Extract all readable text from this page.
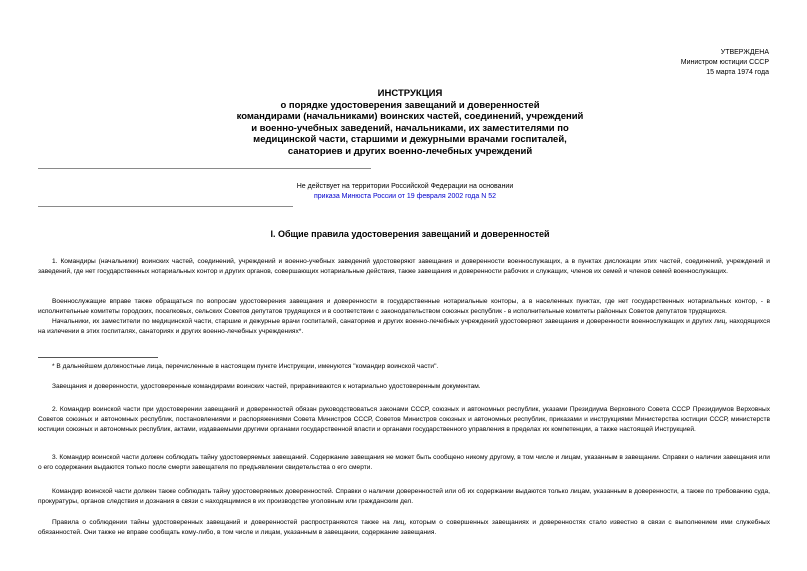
УТВЕРЖДЕНА
Министром юстиции СССР
15 марта 1974 года
ИНСТРУКЦИЯ
о порядке удостоверения завещаний и доверенностей
командирами (начальниками) воинских частей, соединений, учреждений
и военно-учебных заведений, начальниками, их заместителями по
медицинской части, старшими и дежурными врачами госпиталей,
санаториев и других военно-лечебных учреждений
Не действует на территории Российской Федерации на основании
приказа Минюста России от 19 февраля 2002 года N 52
I. Общие правила удостоверения завещаний и доверенностей

1. Командиры (начальники) воинских частей, соединений, учреждений и военно-учебных заведений удостоверяют завещания и доверенности военнослужащих, а в пунктах дислокации этих частей, соединений, учреждений и заведений, где нет государственных нотариальных контор и других органов, совершающих нотариальные действия, также завещания и доверенности рабочих и служащих, членов их семей и членов семей военнослужащих.

Военнослужащие вправе также обращаться по вопросам удостоверения завещания и доверенности в государственные нотариальные конторы, а в населенных пунктах, где нет государственных нотариальных контор, - в исполнительные комитеты городских, поселковых, сельских Советов депутатов трудящихся и в соответствии с законодательством союзных республик - в исполнительные комитеты районных Советов депутатов трудящихся.

Начальники, их заместители по медицинской части, старшие и дежурные врачи госпиталей, санаториев и других военно-лечебных учреждений удостоверяют завещания и доверенности военнослужащих и других лиц, находящихся на излечении в этих госпиталях, санаториях и других военно-лечебных учреждениях*.

* В дальнейшем должностные лица, перечисленные в настоящем пункте Инструкции, именуются "командир воинской части".

Завещания и доверенности, удостоверенные командирами воинских частей, приравниваются к нотариально удостоверенным документам.

2. Командир воинской части при удостоверении завещаний и доверенностей обязан руководствоваться законами СССР, союзных и автономных республик, указами Президиума Верховного Совета СССР Президиумов Верховных Советов союзных и автономных республик, постановлениями и распоряжениями Совета Министров СССР, Советов Министров союзных и автономных республик, приказами и инструкциями Министерства юстиции СССР, министерств юстиции союзных и автономных республик, актами, издаваемыми другими органами государственной власти и органами государственного управления в пределах их компетенции, а также настоящей Инструкцией.

3. Командир воинской части должен соблюдать тайну удостоверяемых завещаний. Содержание завещания не может быть сообщено никому другому, в том числе и лицам, указанным в завещании. Справки о наличии завещания или о его содержании выдаются только после смерти завещателя по предъявлении свидетельства о его смерти.

Командир воинской части должен также соблюдать тайну удостоверяемых доверенностей. Справки о наличии доверенностей или об их содержании выдаются только лицам, указанным в доверенности, а также по требованию суда, прокуратуры, органов следствия и дознания в связи с находящимися в их производстве уголовным или гражданским дел.

Правила о соблюдении тайны удостоверенных завещаний и доверенностей распространяются также на лиц, которым о совершенных завещаниях и доверенностях стало известно в связи с выполнением ими служебных обязанностей. Они также не вправе сообщать кому-либо, в том числе и лицам, указанным в завещании, содержание завещания.
